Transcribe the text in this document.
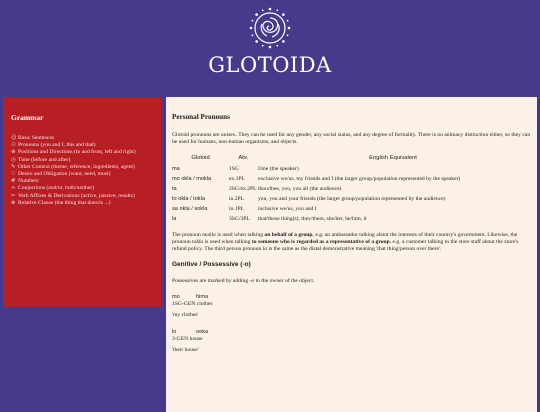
GLOTOIDA
Grammar
☺Basic Sentences
⚇ Pronouns (you and I, this and that)
⊕ Positions and Directions (to and from, left and right)
◷ Time (before and after)
✎ Other Context (theme, reference, ingredients, agent)
♡ Desire and Obligation (want, need, must)
# Numbers
∞ Conjuctions (and/or, both/neither)
✂ Verb Affixes & Derivations (active, passive, results)
⊗ Relative Clause (the thing that does/is ...)
Personal Pronouns

Glotoid pronouns are unisex. They can be used for any gender, any social status, and any degree of formality. There is no animacy distinction either, so they can be used for humans, non-human organisms, and objects.

Glotoid	Abr.	English Equivalent
ma	1SG	I/me (the speaker)
mo okla / mokla	ex.1PL	exclusive we/us, my friends and I (the larger group/population represented by the speaker)
ta	2SG/ex.2PL	thou/thee, you, you all (the audience)
to okla / tokla	in.2PL	you, you and your friends (the larger group/population represented by the audience)
sa okla / sokla	in.1PL	inclusive we/us, you and I
la	3SG/3PL	that/those thing(s), they/them, she/her, he/him, it

The pronoun mokla is used when talking on behalf of a group, e.g. an ambassador talking about the interests of their country's government. Likewise, the pronoun tokla is used when talking to someone who is regarded as a representative of a group, e.g. a customer talking to the store staff about the store's refund policy. The third person pronoun la is the same as the distal demonstrative meaning 'that thing/person over there'.

Genitive / Possessive (-o)

Possessives are marked by adding -o to the owner of the object.

mo	hima
1SG-GEN clothes
'my clothes'
lo	oeka
3-GEN house
'their house'
